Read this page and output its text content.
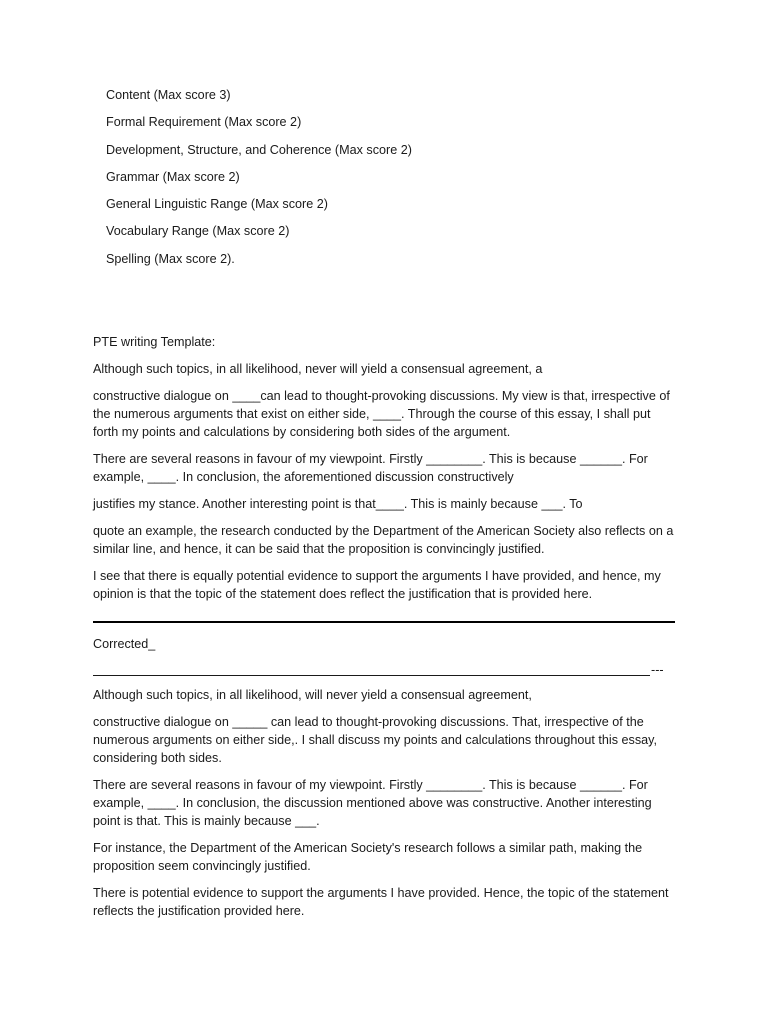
Content (Max score 3)
Formal Requirement (Max score 2)
Development, Structure, and Coherence (Max score 2)
Grammar (Max score 2)
General Linguistic Range (Max score 2)
Vocabulary Range (Max score 2)
Spelling (Max score 2).

PTE writing Template:

Although such topics, in all likelihood, never will yield a consensual agreement, a

constructive dialogue on ____can lead to thought-provoking discussions. My view is that, irrespective of the numerous arguments that exist on either side, ____. Through the course of this essay, I shall put forth my points and calculations by considering both sides of the argument.

There are several reasons in favour of my viewpoint. Firstly ________. This is because ______. For example, ____. In conclusion, the aforementioned discussion constructively

justifies my stance. Another interesting point is that____. This is mainly because ___. To

quote an example, the research conducted by the Department of the American Society also reflects on a similar line, and hence, it can be said that the proposition is convincingly justified.

I see that there is equally potential evidence to support the arguments I have provided, and hence, my opinion is that the topic of the statement does reflect the justification that is provided here.

Corrected_

---

Although such topics, in all likelihood, will never yield a consensual agreement,

constructive dialogue on _____ can lead to thought-provoking discussions. That, irrespective of the numerous arguments on either side,. I shall discuss my points and calculations throughout this essay, considering both sides.

There are several reasons in favour of my viewpoint. Firstly ________. This is because ______. For example, ____. In conclusion, the discussion mentioned above was constructive. Another interesting point is that. This is mainly because ___.

For instance, the Department of the American Society's research follows a similar path, making the proposition seem convincingly justified.

There is potential evidence to support the arguments I have provided. Hence, the topic of the statement reflects the justification provided here.
